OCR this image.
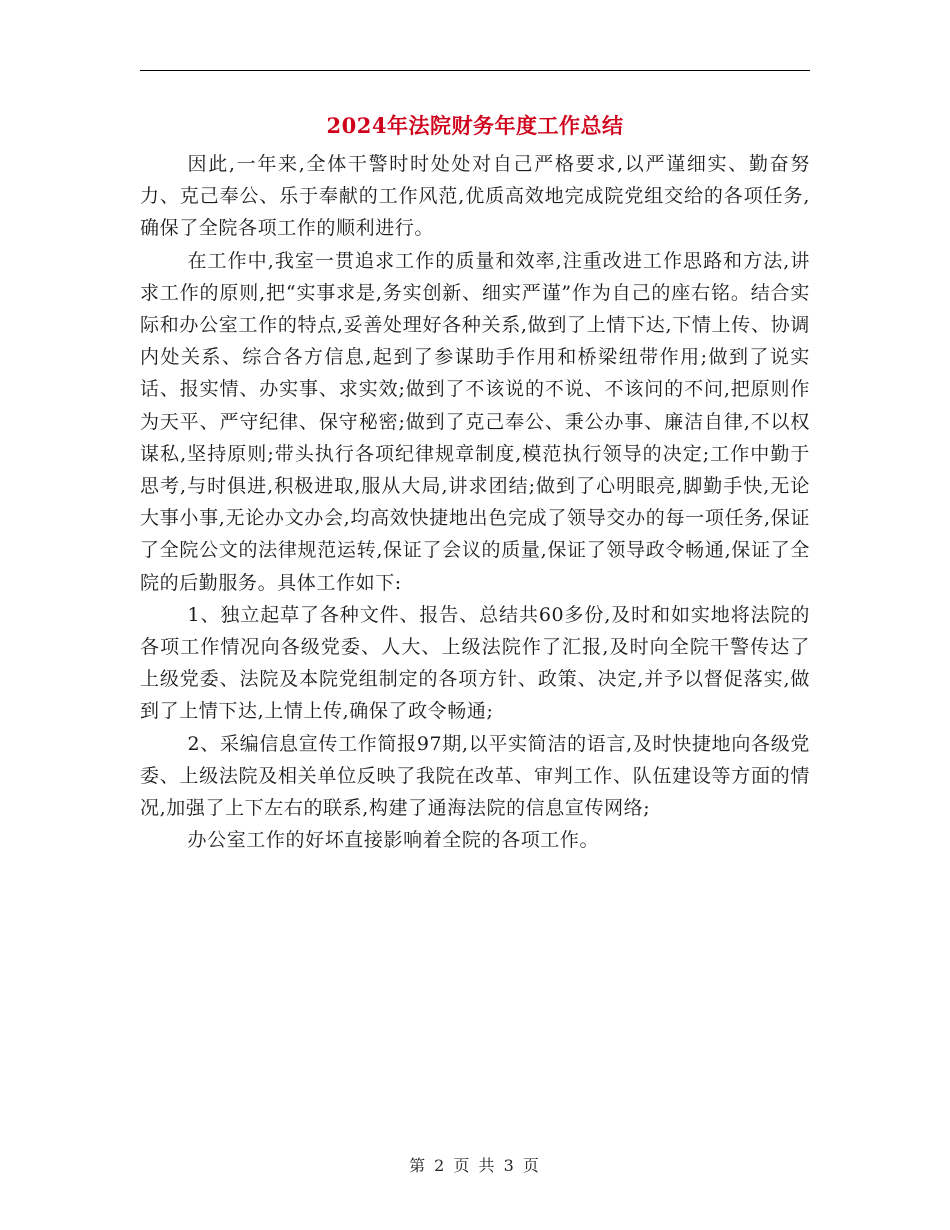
2024年法院财务年度工作总结

因此,一年来,全体干警时时处处对自己严格要求,以严谨细实、勤奋努力、克己奉公、乐于奉献的工作风范,优质高效地完成院党组交给的各项任务,确保了全院各项工作的顺利进行。

在工作中,我室一贯追求工作的质量和效率,注重改进工作思路和方法,讲求工作的原则,把“实事求是,务实创新、细实严谨”作为自己的座右铭。结合实际和办公室工作的特点,妥善处理好各种关系,做到了上情下达,下情上传、协调内处关系、综合各方信息,起到了参谋助手作用和桥梁纽带作用;做到了说实话、报实情、办实事、求实效;做到了不该说的不说、不该问的不问,把原则作为天平、严守纪律、保守秘密;做到了克己奉公、秉公办事、廉洁自律,不以权谋私,坚持原则;带头执行各项纪律规章制度,模范执行领导的决定;工作中勤于思考,与时俱进,积极进取,服从大局,讲求团结;做到了心明眼亮,脚勤手快,无论大事小事,无论办文办会,均高效快捷地出色完成了领导交办的每一项任务,保证了全院公文的法律规范运转,保证了会议的质量,保证了领导政令畅通,保证了全院的后勤服务。具体工作如下:

1、独立起草了各种文件、报告、总结共60多份,及时和如实地将法院的各项工作情况向各级党委、人大、上级法院作了汇报,及时向全院干警传达了上级党委、法院及本院党组制定的各项方针、政策、决定,并予以督促落实,做到了上情下达,上情上传,确保了政令畅通;

2、采编信息宣传工作简报97期,以平实简洁的语言,及时快捷地向各级党委、上级法院及相关单位反映了我院在改革、审判工作、队伍建设等方面的情况,加强了上下左右的联系,构建了通海法院的信息宣传网络;

办公室工作的好坏直接影响着全院的各项工作。

第 2 页 共 3 页
